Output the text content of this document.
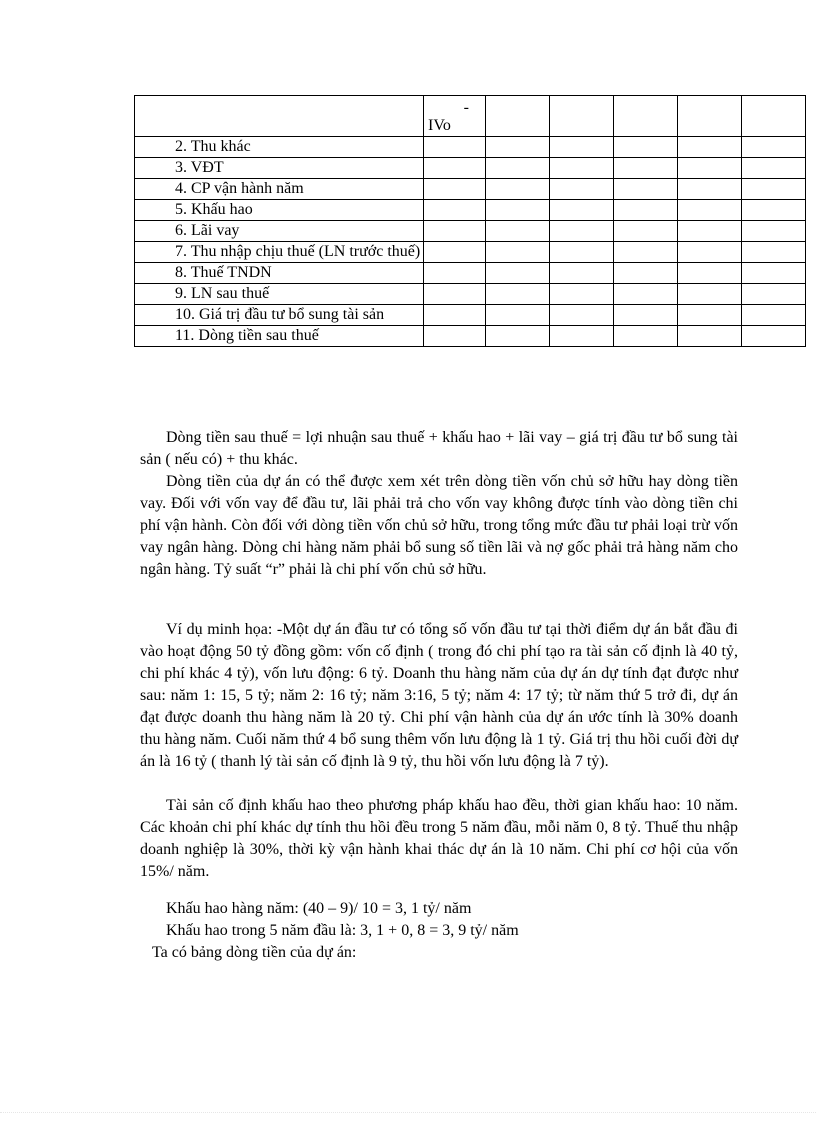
	-
IVo					

2. Thu khác						

3. VĐT						

4. CP vận hành năm						

5. Khấu hao						

6. Lãi vay						

7. Thu nhập chịu thuế (LN trước thuế)						

8. Thuế TNDN						

9. LN sau thuế						

10. Giá trị đầu tư bổ sung tài sản						

11. Dòng tiền sau thuế						

Dòng tiền sau thuế = lợi nhuận sau thuế + khấu hao + lãi vay – giá trị đầu tư bổ sung tài sản ( nếu có) + thu khác.

Dòng tiền của dự án có thể được xem xét trên dòng tiền vốn chủ sở hữu hay dòng tiền vay. Đối với vốn vay để đầu tư, lãi phải trả cho vốn vay không được tính vào dòng tiền chi phí vận hành. Còn đối với dòng tiền vốn chủ sở hữu, trong tổng mức đầu tư phải loại trừ vốn vay ngân hàng. Dòng chi hàng năm phải bổ sung số tiền lãi và nợ gốc phải trả hàng năm cho ngân hàng. Tỷ suất “r” phải là chi phí vốn chủ sở hữu.

Ví dụ minh họa: -Một dự án đầu tư có tổng số vốn đầu tư tại thời điểm dự án bắt đầu đi vào hoạt động 50 tỷ đồng gồm: vốn cố định ( trong đó chi phí tạo ra tài sản cố định là 40 tỷ, chi phí khác 4 tỷ), vốn lưu động: 6 tỷ. Doanh thu hàng năm của dự án dự tính đạt được như sau: năm 1: 15, 5 tỷ; năm 2: 16 tỷ; năm 3:16, 5 tỷ; năm 4: 17 tỷ; từ năm thứ 5 trở đi, dự án đạt được doanh thu hàng năm là 20 tỷ. Chi phí vận hành của dự án ước tính là 30% doanh thu hàng năm. Cuối năm thứ 4 bổ sung thêm vốn lưu động là 1 tỷ. Giá trị thu hồi cuối đời dự án là 16 tỷ ( thanh lý tài sản cố định là 9 tỷ, thu hồi vốn lưu động là 7 tỷ).

Tài sản cố định khấu hao theo phương pháp khấu hao đều, thời gian khấu hao: 10 năm. Các khoản chi phí khác dự tính thu hồi đều trong 5 năm đầu, mỗi năm 0, 8 tỷ. Thuế thu nhập doanh nghiệp là 30%, thời kỳ vận hành khai thác dự án là 10 năm. Chi phí cơ hội của vốn 15%/ năm.

Khấu hao hàng năm: (40 – 9)/ 10 = 3, 1 tỷ/ năm

Khấu hao trong 5 năm đầu là: 3, 1 + 0, 8 = 3, 9 tỷ/ năm

Ta có bảng dòng tiền của dự án:
